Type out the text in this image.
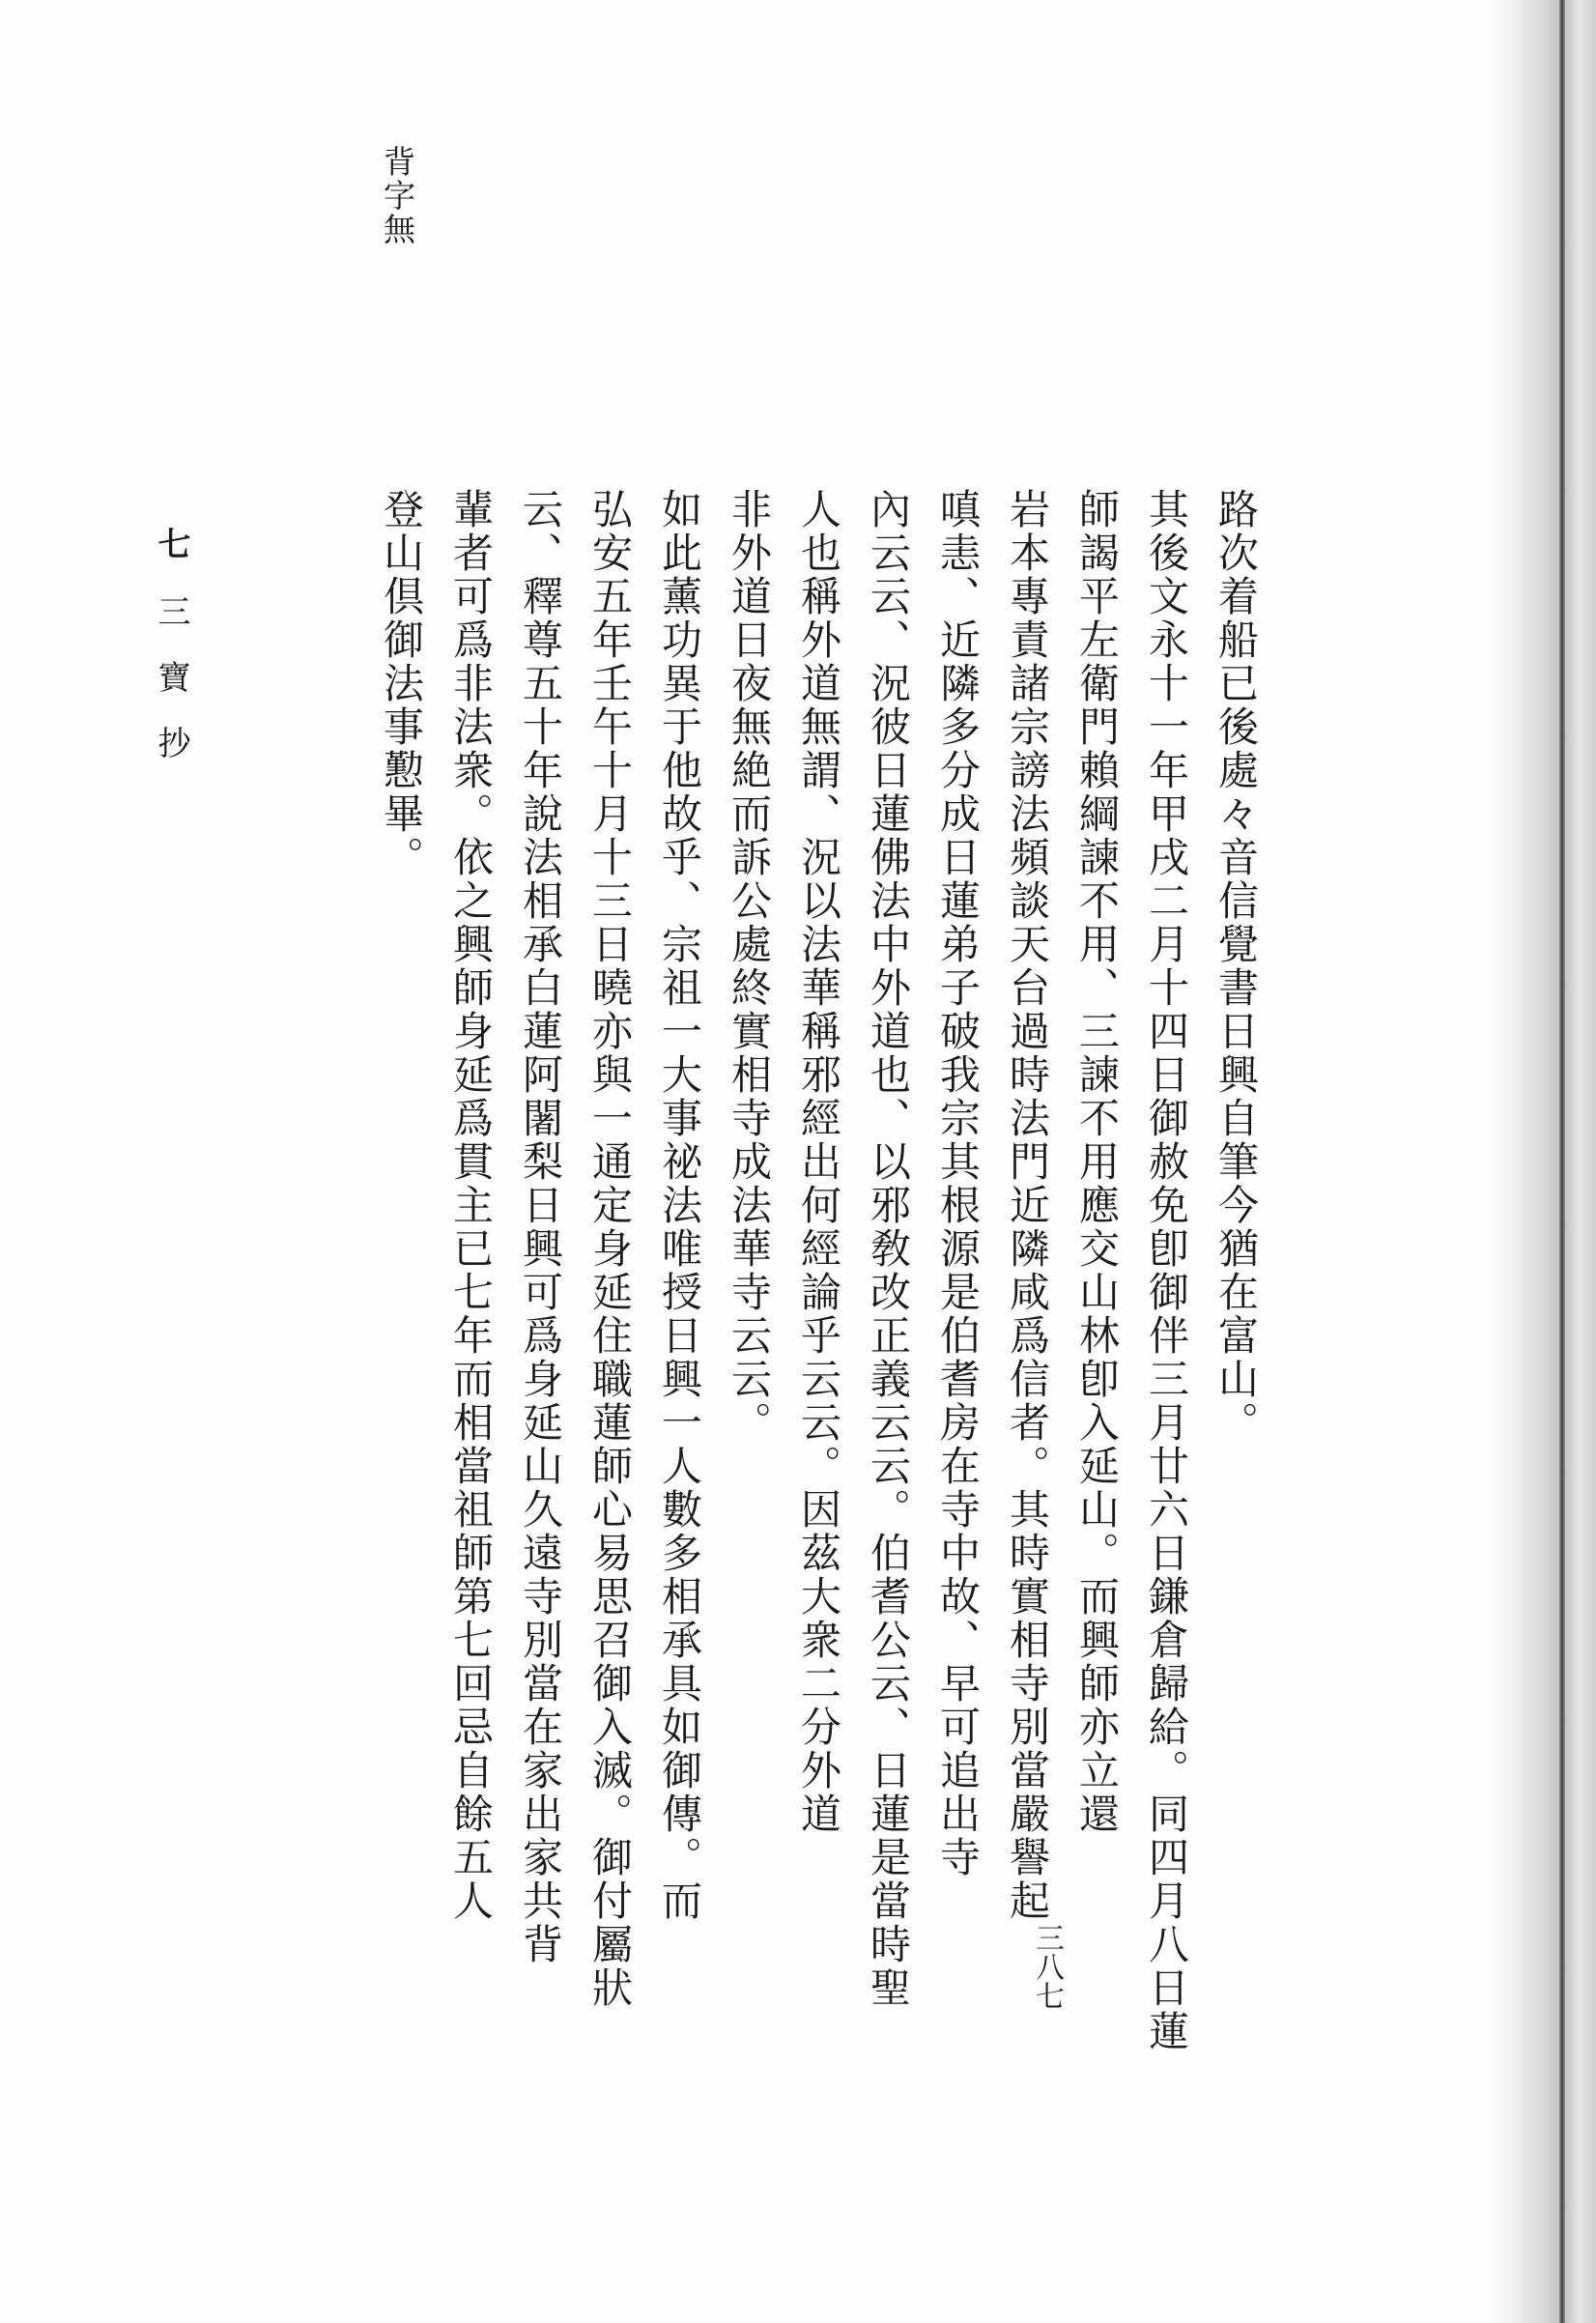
背字無
路次着船已後處々音信覺書日興自筆今猶在富山。
其後文永十一年甲戌二月十四日御赦免卽御伴三月廿六日鎌倉歸給。同四月八日蓮
師謁平左衛門賴綱諫不用、三諫不用應交山林卽入延山。而興師亦立還
岩本專責諸宗謗法頻談天台過時法門近隣咸爲信者。其時實相寺別當嚴譽起
嗔恚、近隣多分成日蓮弟子破我宗其根源是伯耆房在寺中故、早可追出寺
內云云、況彼日蓮佛法中外道也、以邪敎改正義云云。伯耆公云、日蓮是當時聖
人也稱外道無謂、況以法華稱邪經出何經論乎云云。因茲大衆二分外道
非外道日夜無絶而訴公處終實相寺成法華寺云云。
如此薰功異于他故乎、宗祖一大事祕法唯授日興一人數多相承具如御傳。而
弘安五年壬午十月十三日曉亦與一通定身延住職蓮師心易思召御入滅。御付屬狀
云、釋尊五十年說法相承白蓮阿闍梨日興可爲身延山久遠寺別當在家出家共背
輩者可爲非法衆。依之興師身延爲貫主已七年而相當祖師第七回忌自餘五人
登山倶御法事懃畢。
七
三寶抄
三八七
